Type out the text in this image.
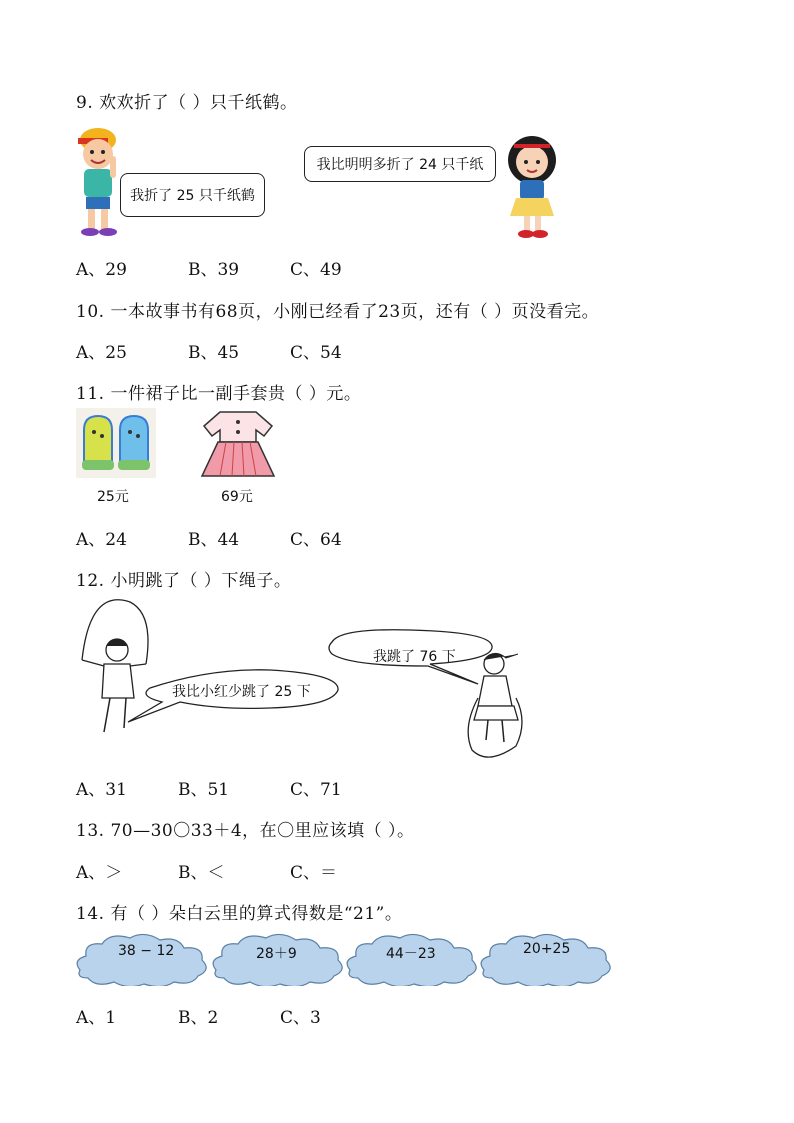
9. 欢欢折了（ ）只千纸鹤。
我折了 25 只千纸鹤
我比明明多折了 24 只千纸
A、29	B、39	C、49
10. 一本故事书有68页，小刚已经看了23页，还有（ ）页没看完。
A、25	B、45	C、54
11. 一件裙子比一副手套贵（ ）元。
25元	69元
A、24	B、44	C、64
12. 小明跳了（ ）下绳子。
我比小红少跳了 25 下
我跳了 76 下
A、31	B、51	C、71
13. 70—30〇33＋4，在〇里应该填（ ）。
A、＞	B、＜	C、＝
14. 有（ ）朵白云里的算式得数是“21”。
38 − 12	28＋9	44－23	20+25
A、1	B、2	C、3
